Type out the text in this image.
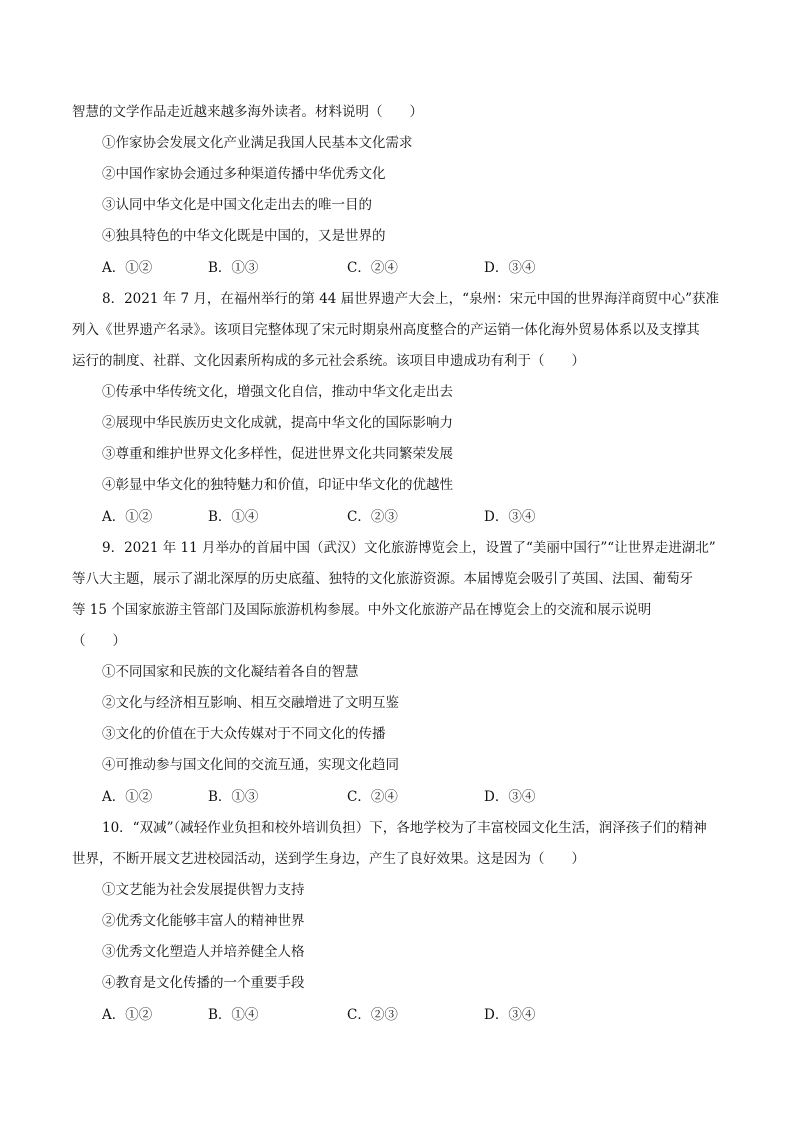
智慧的文学作品走近越来越多海外读者。材料说明（　　）
①作家协会发展文化产业满足我国人民基本文化需求
②中国作家协会通过多种渠道传播中华优秀文化
③认同中华文化是中国文化走出去的唯一目的
④独具特色的中华文化既是中国的，又是世界的
A．①②	B．①③	C．②④	D．③④
8．2021 年 7 月，在福州举行的第 44 届世界遗产大会上，“泉州：宋元中国的世界海洋商贸中心”获准
列入《世界遗产名录》。该项目完整体现了宋元时期泉州高度整合的产运销一体化海外贸易体系以及支撑其
运行的制度、社群、文化因素所构成的多元社会系统。该项目申遗成功有利于（　　）
①传承中华传统文化，增强文化自信，推动中华文化走出去
②展现中华民族历史文化成就，提高中华文化的国际影响力
③尊重和维护世界文化多样性，促进世界文化共同繁荣发展
④彰显中华文化的独特魅力和价值，印证中华文化的优越性
A．①②	B．①④	C．②③	D．③④
9．2021 年 11 月举办的首届中国（武汉）文化旅游博览会上，设置了“美丽中国行”“让世界走进湖北”
等八大主题，展示了湖北深厚的历史底蕴、独特的文化旅游资源。本届博览会吸引了英国、法国、葡萄牙
等 15 个国家旅游主管部门及国际旅游机构参展。中外文化旅游产品在博览会上的交流和展示说明
（　　）
①不同国家和民族的文化凝结着各自的智慧
②文化与经济相互影响、相互交融增进了文明互鉴
③文化的价值在于大众传媒对于不同文化的传播
④可推动参与国文化间的交流互通，实现文化趋同
A．①②	B．①③	C．②④	D．③④
10．“双减”（减轻作业负担和校外培训负担）下，各地学校为了丰富校园文化生活，润泽孩子们的精神
世界，不断开展文艺进校园活动，送到学生身边，产生了良好效果。这是因为（　　）
①文艺能为社会发展提供智力支持
②优秀文化能够丰富人的精神世界
③优秀文化塑造人并培养健全人格
④教育是文化传播的一个重要手段
A．①②	B．①④	C．②③	D．③④
